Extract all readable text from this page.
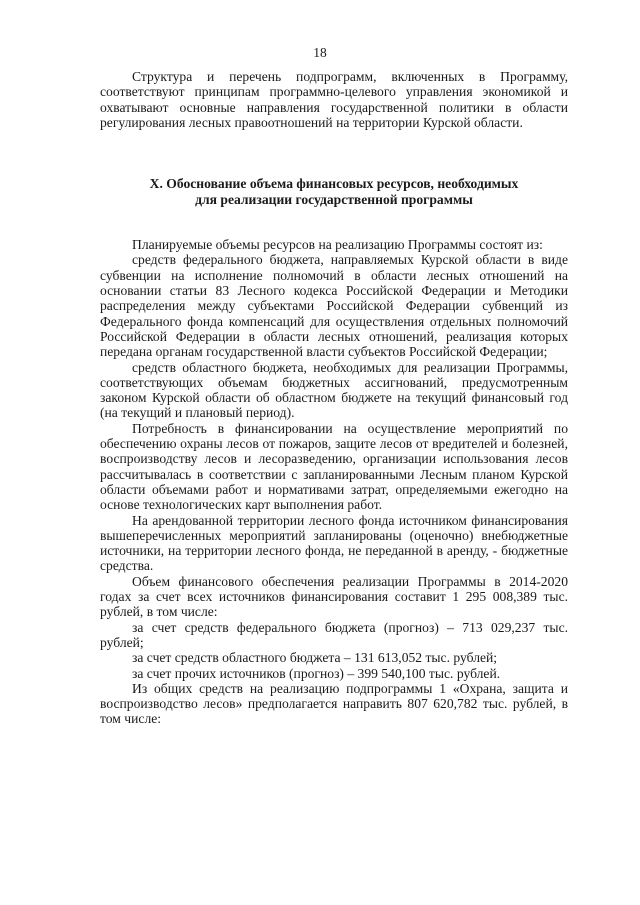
18

Структура и перечень подпрограмм, включенных в Программу, соответствуют принципам программно-целевого управления экономикой и охватывают основные направления государственной политики в области регулирования лесных правоотношений на территории Курской области.

X. Обоснование объема финансовых ресурсов, необходимых
для реализации государственной программы

Планируемые объемы ресурсов на реализацию Программы состоят из:

средств федерального бюджета, направляемых Курской области в виде субвенции на исполнение полномочий в области лесных отношений на основании статьи 83 Лесного кодекса Российской Федерации и Методики распределения между субъектами Российской Федерации субвенций из Федерального фонда компенсаций для осуществления отдельных полномочий Российской Федерации в области лесных отношений, реализация которых передана органам государственной власти субъектов Российской Федерации;

средств областного бюджета, необходимых для реализации Программы, соответствующих объемам бюджетных ассигнований, предусмотренным законом Курской области об областном бюджете на текущий финансовый год (на текущий и плановый период).

Потребность в финансировании на осуществление мероприятий по обеспечению охраны лесов от пожаров, защите лесов от вредителей и болезней, воспроизводству лесов и лесоразведению, организации использования лесов рассчитывалась в соответствии с запланированными Лесным планом Курской области объемами работ и нормативами затрат, определяемыми ежегодно на основе технологических карт выполнения работ.

На арендованной территории лесного фонда источником финансирования вышеперечисленных мероприятий запланированы (оценочно) внебюджетные источники, на территории лесного фонда, не переданной в аренду, - бюджетные средства.

Объем финансового обеспечения реализации Программы в 2014-2020 годах за счет всех источников финансирования составит 1 295 008,389 тыс. рублей, в том числе:

за счет средств федерального бюджета (прогноз) – 713 029,237 тыс. рублей;

за счет средств областного бюджета – 131 613,052 тыс. рублей;

за счет прочих источников (прогноз) – 399 540,100 тыс. рублей.

Из общих средств на реализацию подпрограммы 1 «Охрана, защита и воспроизводство лесов» предполагается направить 807 620,782 тыс. рублей, в том числе:
